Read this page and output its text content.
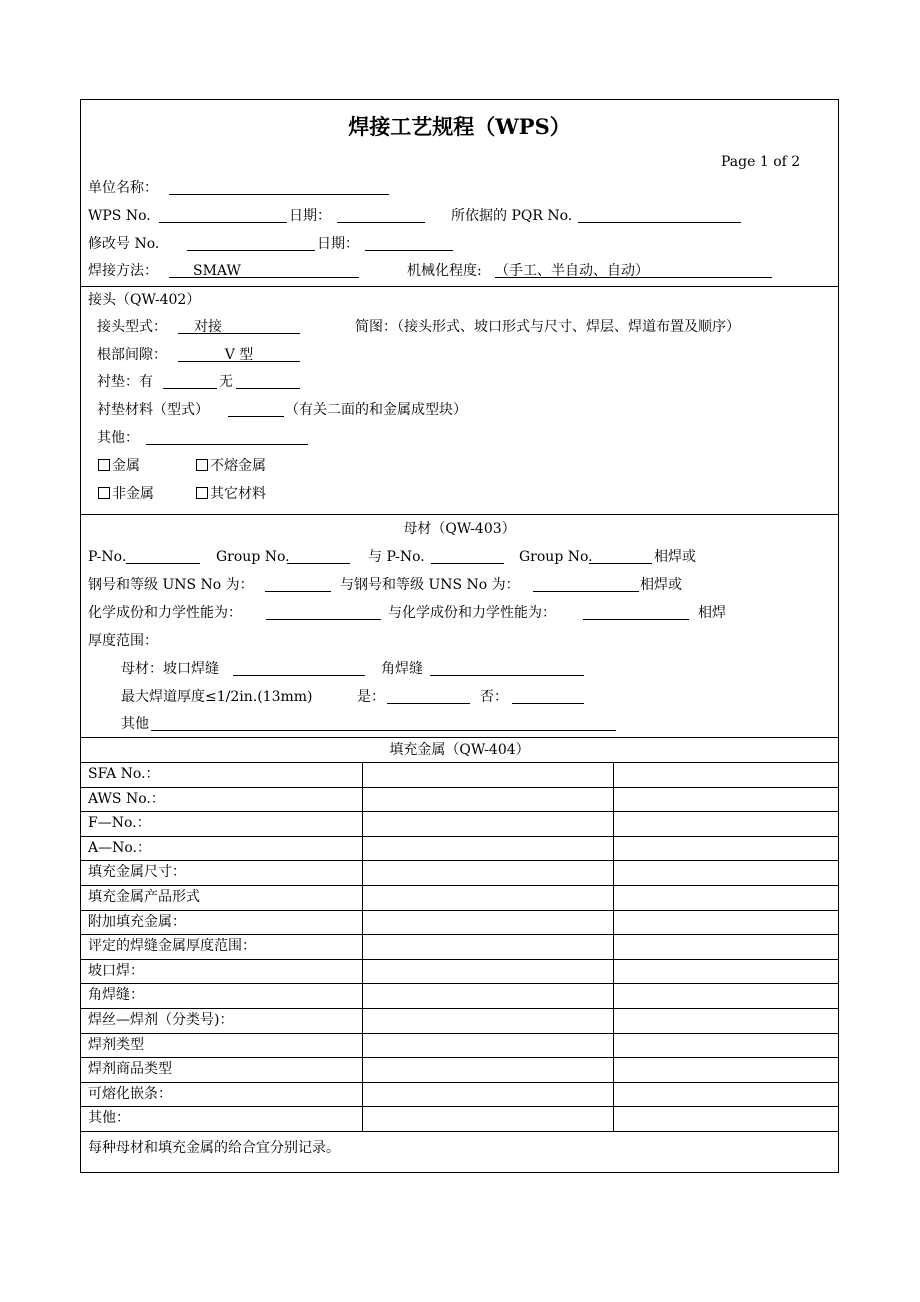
焊接工艺规程（WPS）
Page 1 of 2
单位名称：
WPS No.	日期：	所依据的 PQR No.
修改号 No.	日期：
焊接方法：	SMAW	机械化程度: （手工、半自动、自动）
接头（QW-402）
接头型式：	对接	简图：（接头形式、坡口形式与尺寸、焊层、焊道布置及顺序）
根部间隙：	V 型
衬垫：有	无
衬垫材料（型式）	（有关二面的和金属成型块）
其他：
金属	不熔金属
非金属	其它材料
母材（QW-403）
P-No.	Group No.	与 P-No.	Group No.	相焊或
钢号和等级 UNS No 为：	与钢号和等级 UNS No 为：	相焊或
化学成份和力学性能为：	与化学成份和力学性能为：	相焊
厚度范围：
母材：坡口焊缝	角焊缝
最大焊道厚度≤1/2in.(13mm)	是：	否：
其他
填充金属（QW-404）
每种母材和填充金属的给合宜分别记录。
SFA No.：
AWS No.：
F—No.：
A—No.：
填充金属尺寸：
填充金属产品形式
附加填充金属：
评定的焊缝金属厚度范围：
坡口焊：
角焊缝：
焊丝—焊剂（分类号)：
焊剂类型
焊剂商品类型
可熔化嵌条：
其他：
